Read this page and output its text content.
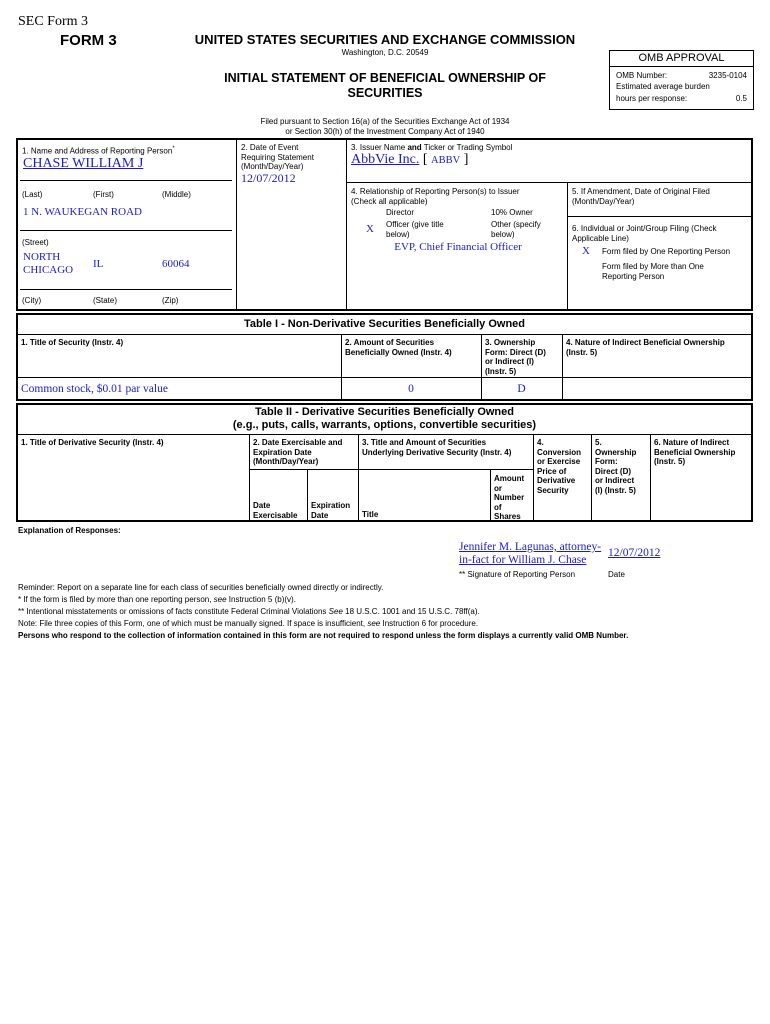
SEC Form 3
FORM 3	UNITED STATES SECURITIES AND EXCHANGE COMMISSION
Washington, D.C. 20549
INITIAL STATEMENT OF BENEFICIAL OWNERSHIP OF
SECURITIES
Filed pursuant to Section 16(a) of the Securities Exchange Act of 1934
or Section 30(h) of the Investment Company Act of 1940
OMB APPROVAL
OMB Number:	3235-0104
Estimated average burden
hours per response:	0.5
1. Name and Address of Reporting Person*
CHASE WILLIAM J
(Last)	(First)	(Middle)
1 N. WAUKEGAN ROAD
(Street)
NORTH
CHICAGO IL	60064
(City)	(State)	(Zip)
2. Date of Event
Requiring Statement
(Month/Day/Year)
12/07/2012
3. Issuer Name and Ticker or Trading Symbol
AbbVie Inc. [ ABBV ]
4. Relationship of Reporting Person(s) to Issuer
(Check all applicable)
Director	10% Owner
X Officer (give title
below)
Other (specify
below)
EVP, Chief Financial Officer
5. If Amendment, Date of Original Filed
(Month/Day/Year)
6. Individual or Joint/Group Filing (Check
Applicable Line)
X Form filed by One Reporting Person
Form filed by More than One
Reporting Person
Table I - Non-Derivative Securities Beneficially Owned
1. Title of Security (Instr. 4)	2. Amount of Securities
Beneficially Owned (Instr. 4)
3. Ownership
Form: Direct (D)
or Indirect (I)
(Instr. 5)
4. Nature of Indirect Beneficial Ownership
(Instr. 5)
Common stock, $0.01 par value	0	D
Table II - Derivative Securities Beneficially Owned
(e.g., puts, calls, warrants, options, convertible securities)
1. Title of Derivative Security (Instr. 4)	2. Date Exercisable and
Expiration Date
(Month/Day/Year)
Date
Exercisable
Expiration
Date
3. Title and Amount of Securities
Underlying Derivative Security (Instr. 4)
Title
Amount
or
Number
of
Shares
4.
Conversion
or Exercise
Price of
Derivative
Security
5.
Ownership
Form:
Direct (D)
or Indirect
(I) (Instr. 5)
6. Nature of Indirect
Beneficial Ownership
(Instr. 5)
Explanation of Responses:
Jennifer M. Lagunas, attorney-
in-fact for William J. Chase
12/07/2012
** Signature of Reporting Person	Date
Reminder: Report on a separate line for each class of securities beneficially owned directly or indirectly.
* If the form is filed by more than one reporting person, see Instruction 5 (b)(v).
** Intentional misstatements or omissions of facts constitute Federal Criminal Violations See 18 U.S.C. 1001 and 15 U.S.C. 78ff(a).
Note: File three copies of this Form, one of which must be manually signed. If space is insufficient, see Instruction 6 for procedure.
Persons who respond to the collection of information contained in this form are not required to respond unless the form displays a currently valid OMB Number.
